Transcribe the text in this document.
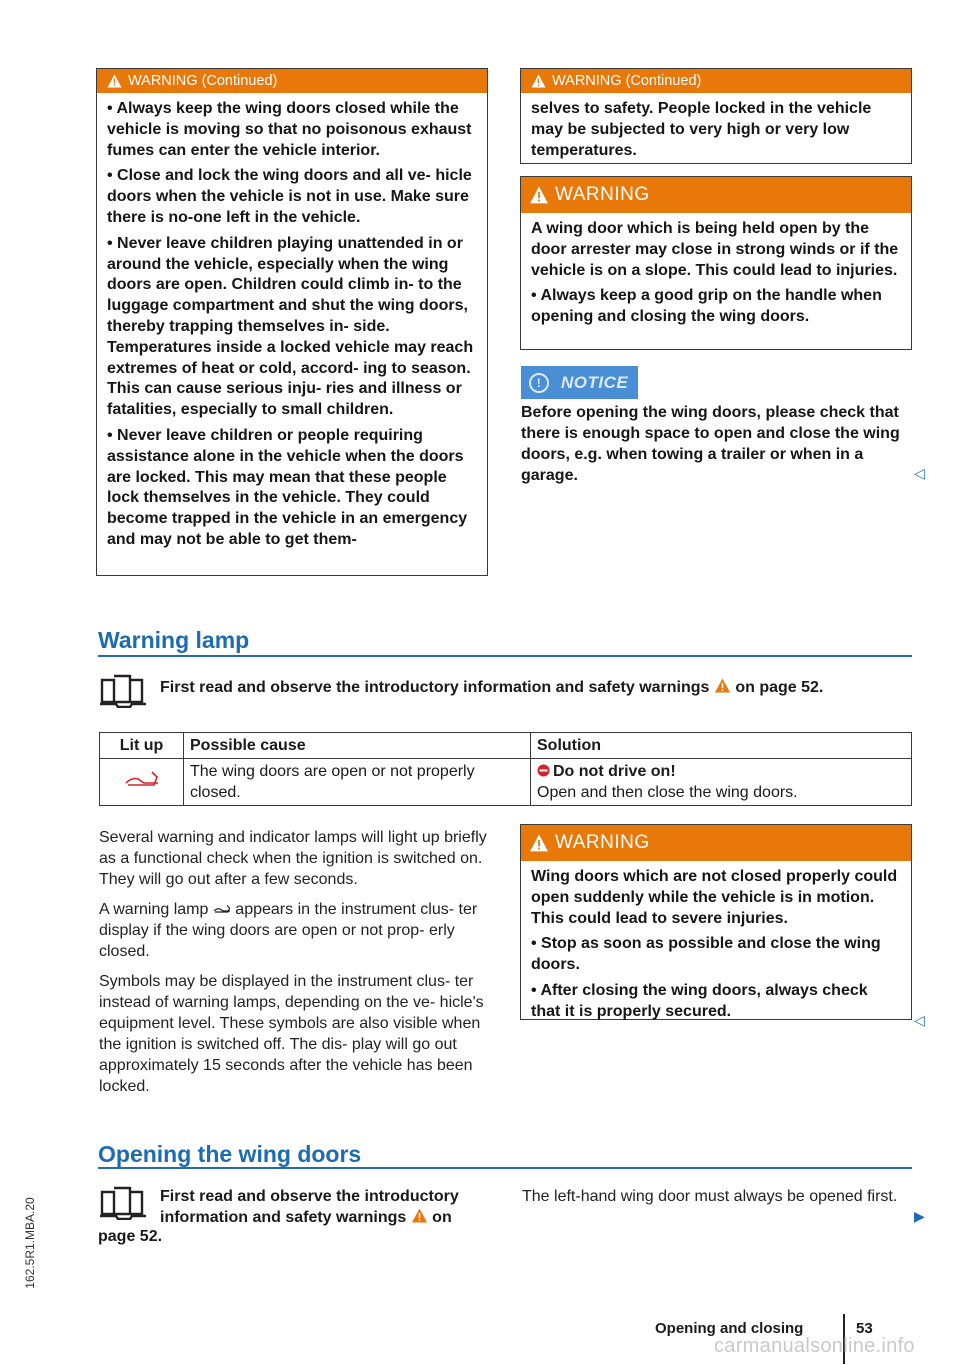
WARNING (Continued)

• Always keep the wing doors closed while the vehicle is moving so that no poisonous exhaust fumes can enter the vehicle interior.

• Close and lock the wing doors and all ve- hicle doors when the vehicle is not in use. Make sure there is no-one left in the vehicle.

• Never leave children playing unattended in or around the vehicle, especially when the wing doors are open. Children could climb in- to the luggage compartment and shut the wing doors, thereby trapping themselves in- side. Temperatures inside a locked vehicle may reach extremes of heat or cold, accord- ing to season. This can cause serious inju- ries and illness or fatalities, especially to small children.

• Never leave children or people requiring assistance alone in the vehicle when the doors are locked. This may mean that these people lock themselves in the vehicle. They could become trapped in the vehicle in an emergency and may not be able to get them-

WARNING (Continued)

selves to safety. People locked in the vehicle may be subjected to very high or very low temperatures.

WARNING

A wing door which is being held open by the door arrester may close in strong winds or if the vehicle is on a slope. This could lead to injuries.

• Always keep a good grip on the handle when opening and closing the wing doors.

!	NOTICE
Before opening the wing doors, please check that there is enough space to open and close the wing doors, e.g. when towing a trailer or when in a garage.	◁
Warning lamp
First read and observe the introductory information and safety warnings on page 52.
Lit up	Possible cause	Solution
	The wing doors are open or not properly closed.	Do not drive on!
Open and then close the wing doors.

Several warning and indicator lamps will light up briefly as a functional check when the ignition is switched on. They will go out after a few seconds.

A warning lamp appears in the instrument clus- ter display if the wing doors are open or not prop- erly closed.

Symbols may be displayed in the instrument clus- ter instead of warning lamps, depending on the ve- hicle's equipment level. These symbols are also visible when the ignition is switched off. The dis- play will go out approximately 15 seconds after the vehicle has been locked.

WARNING

Wing doors which are not closed properly could open suddenly while the vehicle is in motion. This could lead to severe injuries.

• Stop as soon as possible and close the wing doors.

• After closing the wing doors, always check that it is properly secured.

◁
Opening the wing doors
First read and observe the introductory information and safety warnings on
page 52.
The left-hand wing door must always be opened first.
▶
162.5R1.MBA.20
Opening and closing	53
carmanualsonline.info
